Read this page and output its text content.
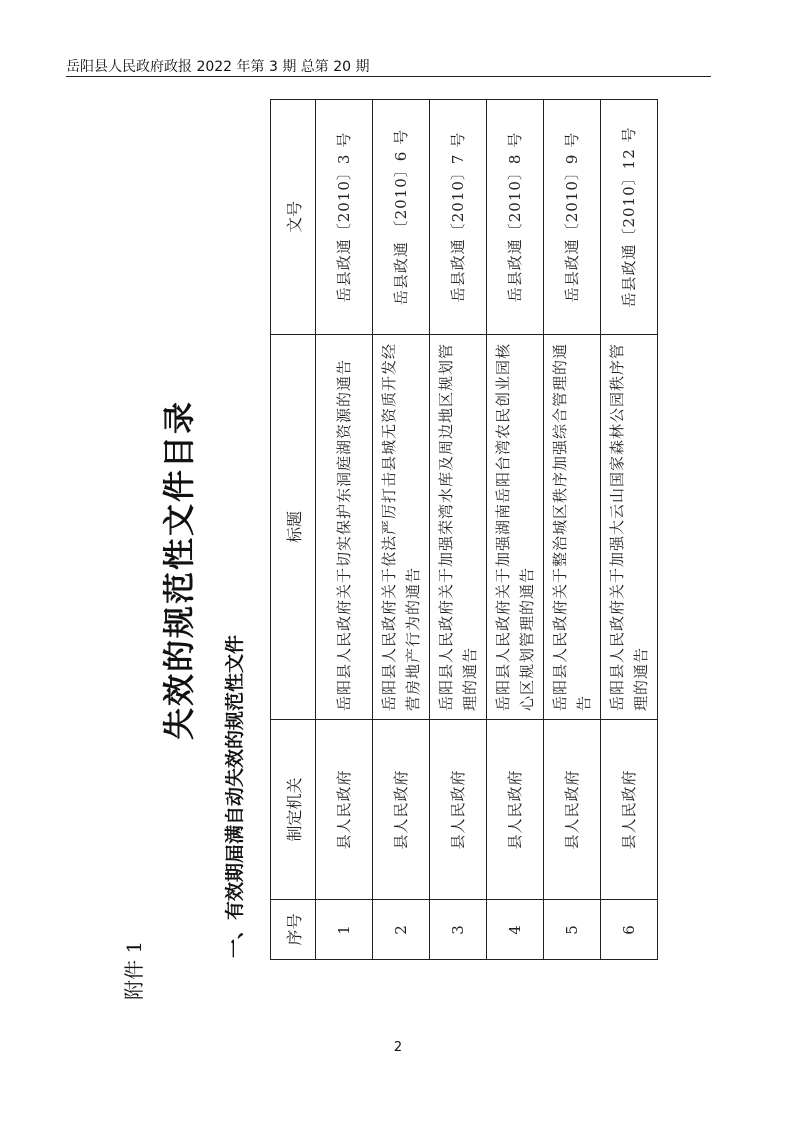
岳阳县人民政府政报 2022 年第 3 期 总第 20 期
附件 1
失效的规范性文件目录
一、有效期届满自动失效的规范性文件 序号	制定机关	标题	文号
1	县人民政府	岳阳县人民政府关于切实保护东洞庭湖资源的通告	岳县政通〔2010〕3 号
2	县人民政府	岳阳县人民政府关于依法严厉打击县城无资质开发经营房地产行为的通告	岳县政通 〔2010〕6 号
3	县人民政府	岳阳县人民政府关于加强荣湾水库及周边地区规划管理的通告	岳县政通〔2010〕7 号
4	县人民政府	岳阳县人民政府关于加强湖南岳阳台湾农民创业园核心区规划管理的通告	岳县政通〔2010〕8 号
5	县人民政府	岳阳县人民政府关于整治城区秩序加强综合管理的通告	岳县政通〔2010〕9 号
6	县人民政府	岳阳县人民政府关于加强大云山国家森林公园秩序管理的通告	岳县政通〔2010〕12 号
2
